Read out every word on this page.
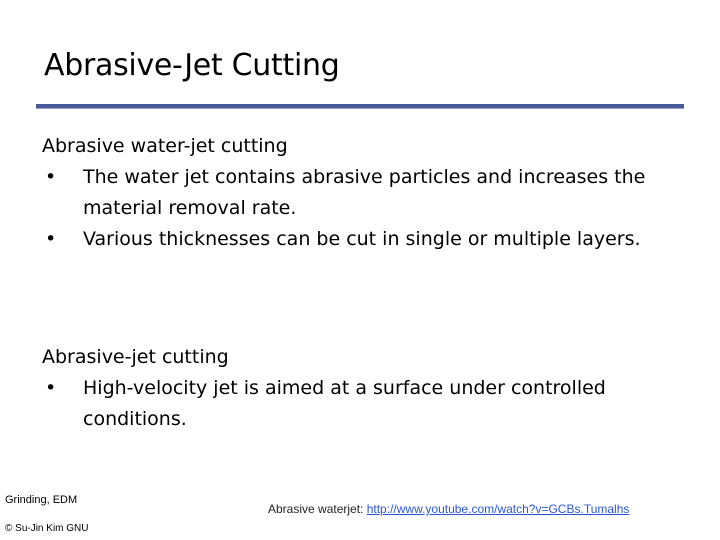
Abrasive-Jet Cutting

Abrasive water-jet cutting

• The water jet contains abrasive particles and increases the material removal rate.
• Various thicknesses can be cut in single or multiple layers.

Abrasive-jet cutting

• High-velocity jet is aimed at a surface under controlled conditions.
Grinding, EDM
© Su-Jin Kim GNU
Abrasive waterjet: http://www.youtube.com/watch?v=GCBs.Tumalhs
